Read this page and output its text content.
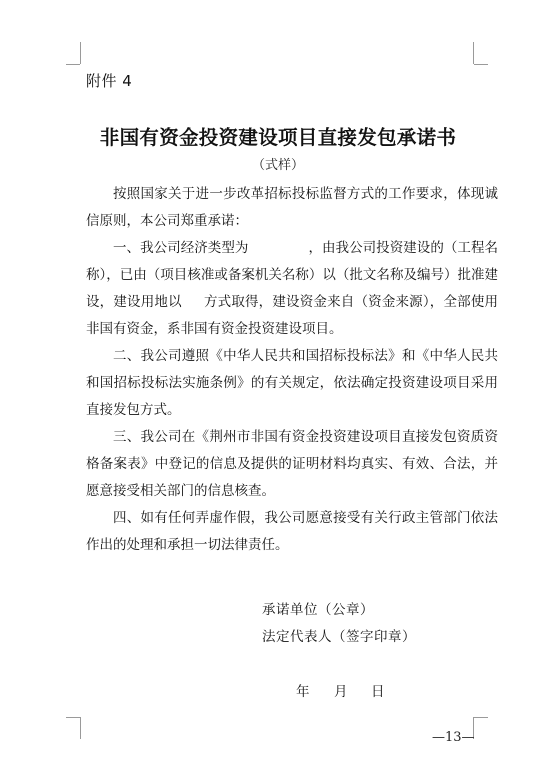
附件 4
非国有资金投资建设项目直接发包承诺书
（式样）

按照国家关于进一步改革招标投标监督方式的工作要求，体现诚信原则，本公司郑重承诺：

一、我公司经济类型为	，由我公司投资建设的（工程名称），已由（项目核准或备案机关名称）以（批文名称及编号）批准建设，建设用地以 方式取得，建设资金来自（资金来源），全部使用非国有资金，系非国有资金投资建设项目。

二、我公司遵照《中华人民共和国招标投标法》和《中华人民共和国招标投标法实施条例》的有关规定，依法确定投资建设项目采用直接发包方式。

三、我公司在《荆州市非国有资金投资建设项目直接发包资质资格备案表》中登记的信息及提供的证明材料均真实、有效、合法，并愿意接受相关部门的信息核查。

四、如有任何弄虚作假，我公司愿意接受有关行政主管部门依法作出的处理和承担一切法律责任。

承诺单位（公章）
法定代表人（签字印章）
年 月 日
—13—
